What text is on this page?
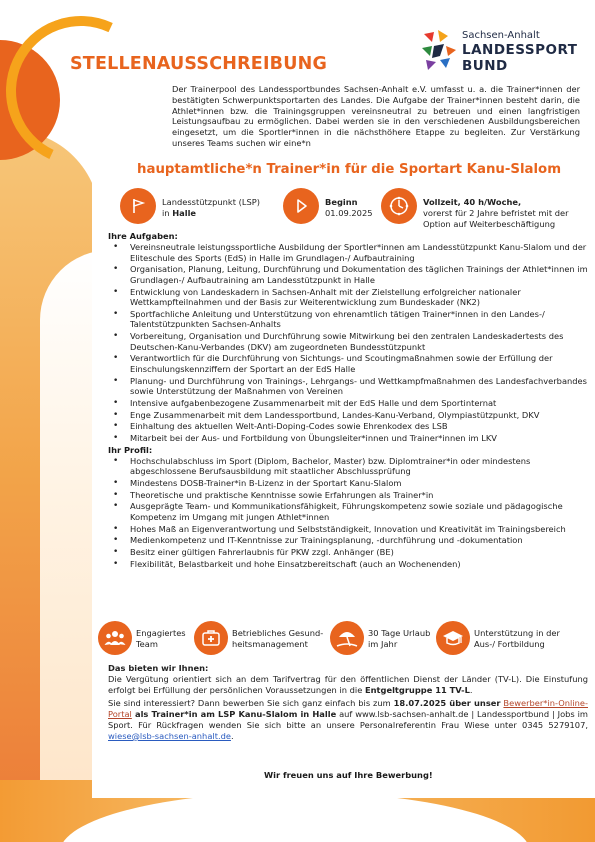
STELLENAUSSCHREIBUNG
Sachsen-Anhalt
LANDESSPORT
BUND

Der Trainerpool des Landessportbundes Sachsen-Anhalt e.V. umfasst u. a. die Trainer*innen der bestätigten Schwerpunktsportarten des Landes. Die Aufgabe der Trainer*innen besteht darin, die Athlet*innen bzw. die Trainingsgruppen vereinsneutral zu betreuen und einen langfristigen Leistungsaufbau zu ermöglichen. Dabei werden sie in den verschiedenen Ausbildungsbereichen eingesetzt, um die Sportler*innen in die nächsthöhere Etappe zu begleiten. Zur Verstärkung unseres Teams suchen wir eine*n

hauptamtliche*n Trainer*in für die Sportart Kanu-Slalom
Landesstützpunkt (LSP)
in Halle
Beginn
01.09.2025
Vollzeit, 40 h/Woche,
vorerst für 2 Jahre befristet mit der
Option auf Weiterbeschäftigung
Ihre Aufgaben:
• Vereinsneutrale leistungssportliche Ausbildung der Sportler*innen am Landesstützpunkt Kanu-Slalom und der Eliteschule des Sports (EdS) in Halle im Grundlagen-/ Aufbautraining
• Organisation, Planung, Leitung, Durchführung und Dokumentation des täglichen Trainings der Athlet*innen im Grundlagen-/ Aufbautraining am Landesstützpunkt in Halle
• Entwicklung von Landeskadern in Sachsen-Anhalt mit der Zielstellung erfolgreicher nationaler Wettkampfteilnahmen und der Basis zur Weiterentwicklung zum Bundeskader (NK2)
• Sportfachliche Anleitung und Unterstützung von ehrenamtlich tätigen Trainer*innen in den Landes-/ Talentstützpunkten Sachsen-Anhalts
• Vorbereitung, Organisation und Durchführung sowie Mitwirkung bei den zentralen Landeskadertests des Deutschen-Kanu-Verbandes (DKV) am zugeordneten Bundesstützpunkt
• Verantwortlich für die Durchführung von Sichtungs- und Scoutingmaßnahmen sowie der Erfüllung der Einschulungskennziffern der Sportart an der EdS Halle
• Planung- und Durchführung von Trainings-, Lehrgangs- und Wettkampfmaßnahmen des Landesfachverbandes sowie Unterstützung der Maßnahmen von Vereinen
• Intensive aufgabenbezogene Zusammenarbeit mit der EdS Halle und dem Sportinternat
• Enge Zusammenarbeit mit dem Landessportbund, Landes-Kanu-Verband, Olympiastützpunkt, DKV
• Einhaltung des aktuellen Welt-Anti-Doping-Codes sowie Ehrenkodex des LSB
• Mitarbeit bei der Aus- und Fortbildung von Übungsleiter*innen und Trainer*innen im LKV
Ihr Profil:
• Hochschulabschluss im Sport (Diplom, Bachelor, Master) bzw. Diplomtrainer*in oder mindestens abgeschlossene Berufsausbildung mit staatlicher Abschlussprüfung
• Mindestens DOSB-Trainer*in B-Lizenz in der Sportart Kanu-Slalom
• Theoretische und praktische Kenntnisse sowie Erfahrungen als Trainer*in
• Ausgeprägte Team- und Kommunikationsfähigkeit, Führungskompetenz sowie soziale und pädagogische Kompetenz im Umgang mit jungen Athlet*innen
• Hohes Maß an Eigenverantwortung und Selbstständigkeit, Innovation und Kreativität im Trainingsbereich
• Medienkompetenz und IT-Kenntnisse zur Trainingsplanung, -durchführung und -dokumentation
• Besitz einer gültigen Fahrerlaubnis für PKW zzgl. Anhänger (BE)
• Flexibilität, Belastbarkeit und hohe Einsatzbereitschaft (auch an Wochenenden)
Engagiertes
Team
Betriebliches Gesund-
heitsmanagement
30 Tage Urlaub
im Jahr
Unterstützung in der
Aus-/ Fortbildung

Das bieten wir Ihnen:

Die Vergütung orientiert sich an dem Tarifvertrag für den öffentlichen Dienst der Länder (TV-L). Die Einstufung erfolgt bei Erfüllung der persönlichen Voraussetzungen in die Entgeltgruppe 11 TV-L.

Sie sind interessiert? Dann bewerben Sie sich ganz einfach bis zum 18.07.2025 über unser Bewerber*in-Online-Portal als Trainer*in am LSP Kanu-Slalom in Halle auf www.lsb-sachsen-anhalt.de | Landessportbund | Jobs im Sport. Für Rückfragen wenden Sie sich bitte an unsere Personalreferentin Frau Wiese unter 0345 5279107, wiese@lsb-sachsen-anhalt.de.

Wir freuen uns auf Ihre Bewerbung!
